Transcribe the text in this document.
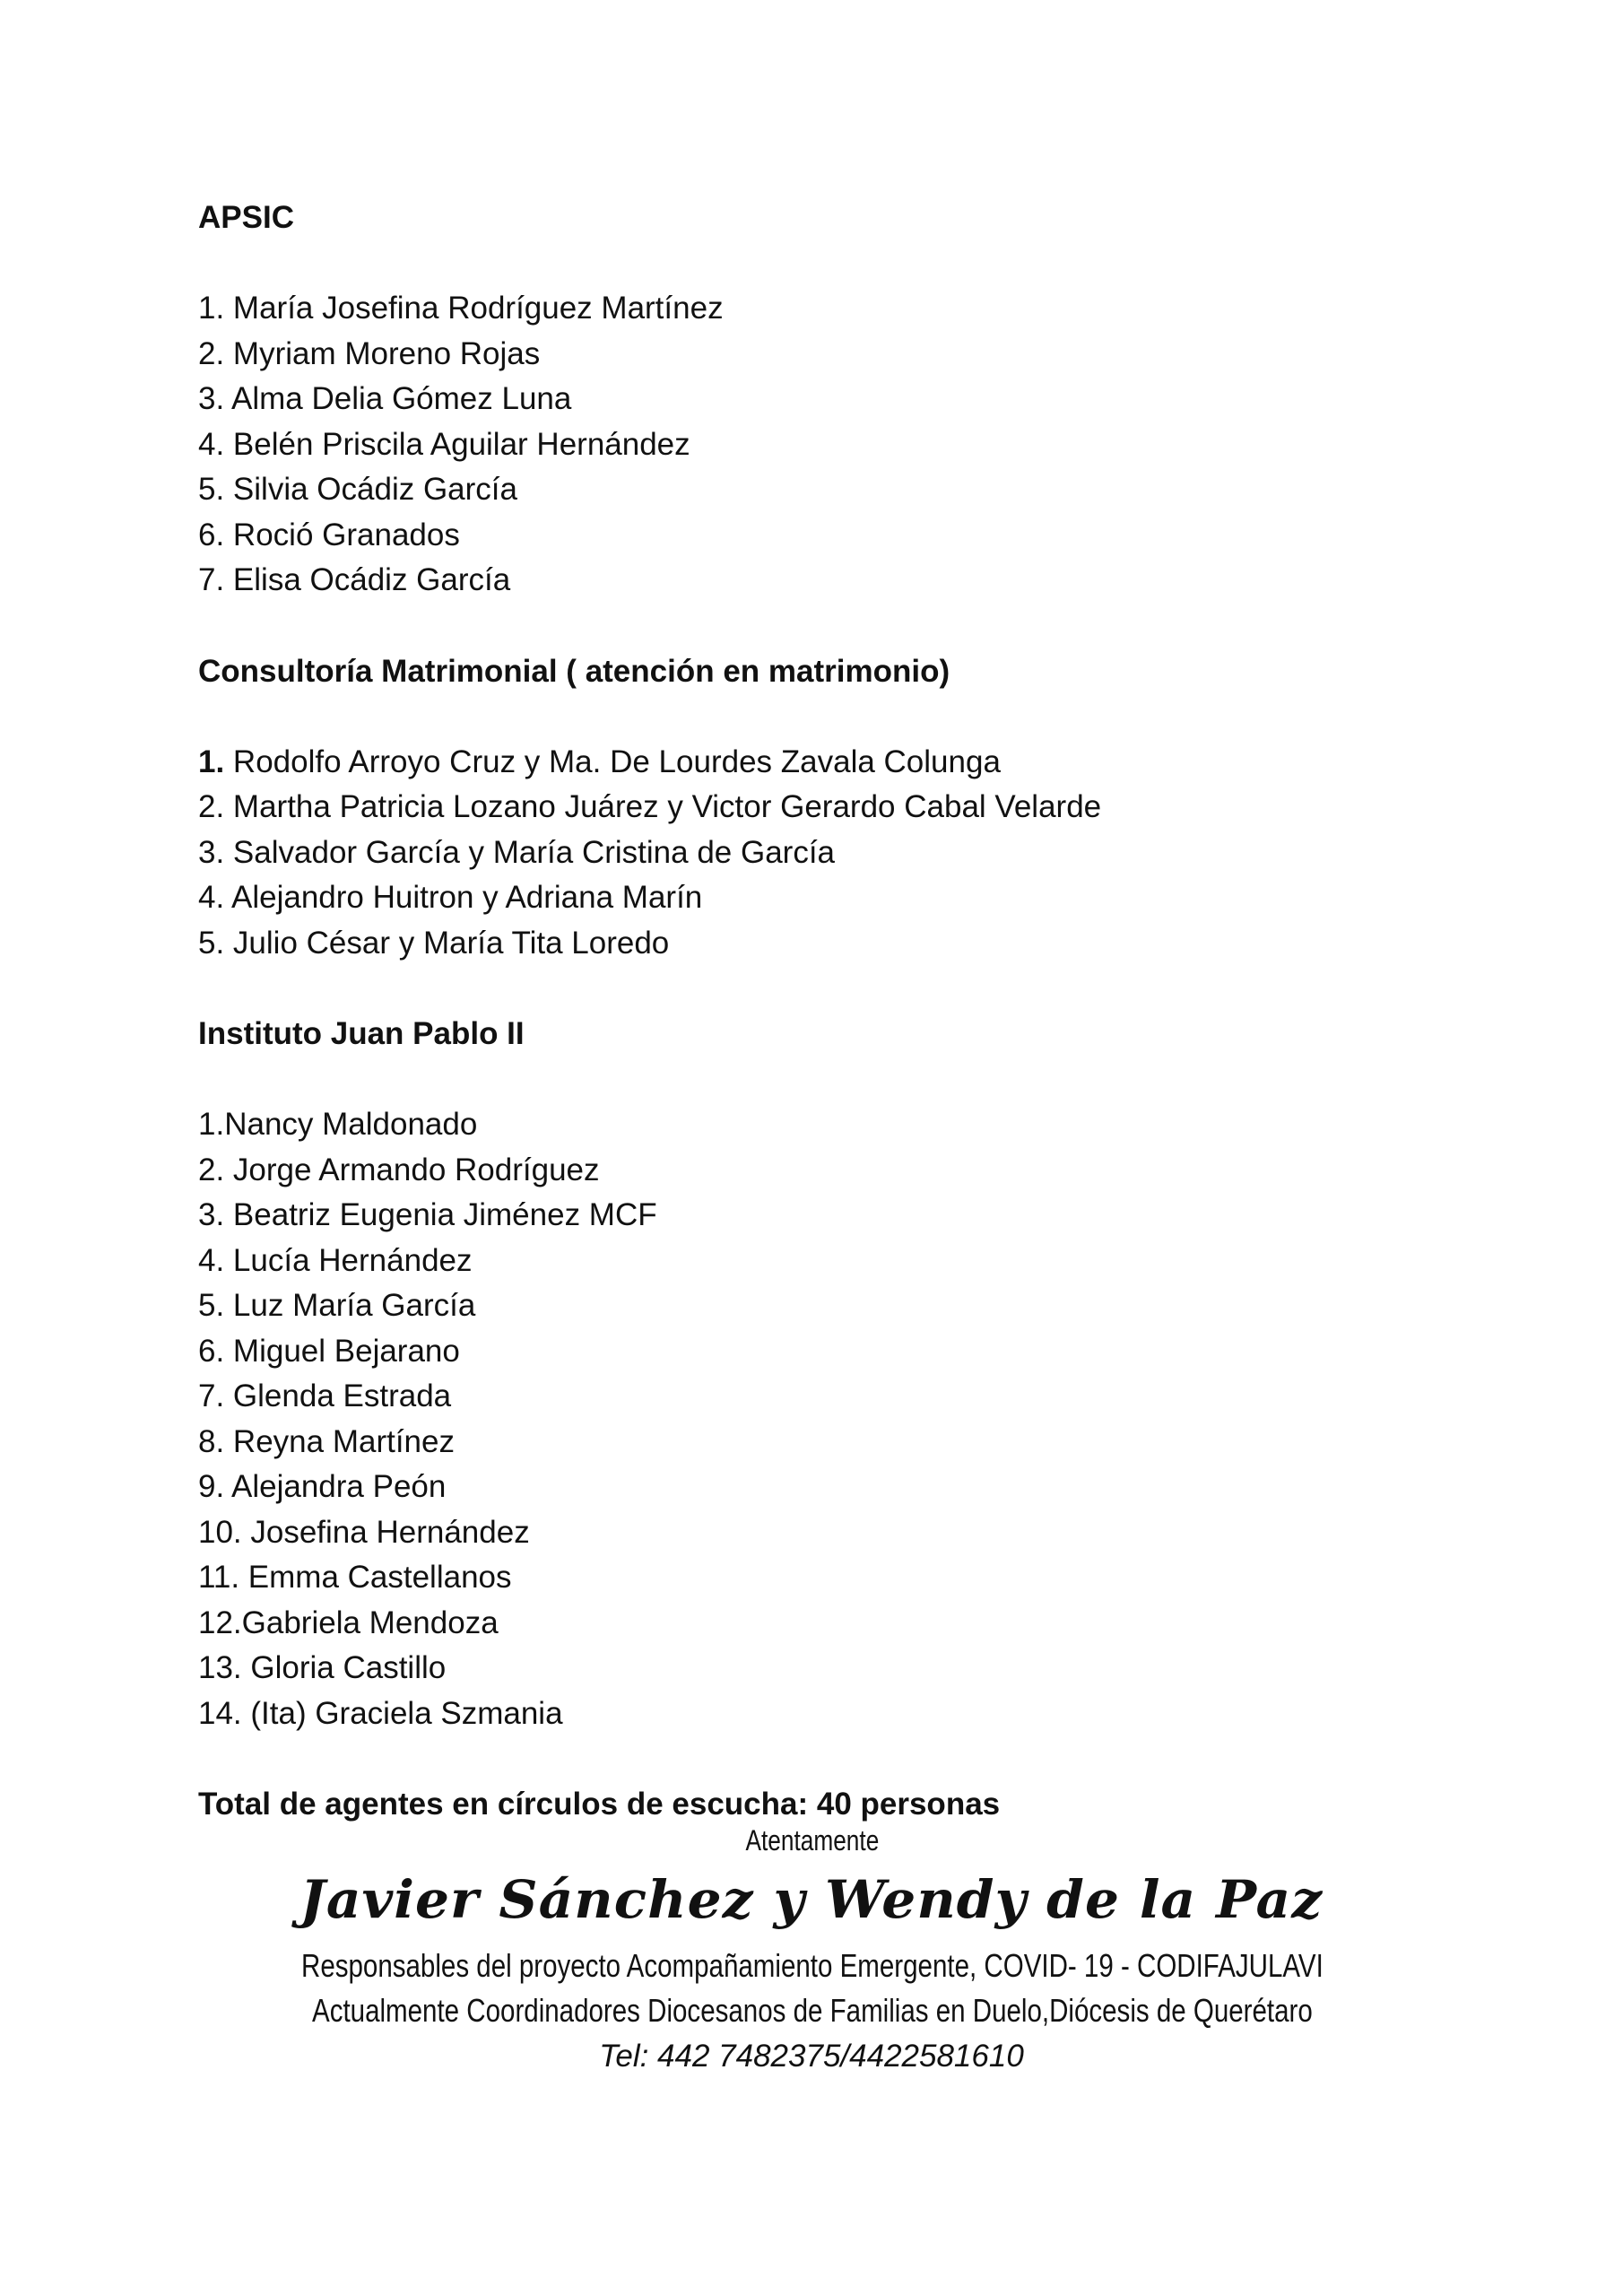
APSIC
1. María Josefina Rodríguez Martínez
2. Myriam Moreno Rojas
3. Alma Delia Gómez Luna
4. Belén Priscila Aguilar Hernández
5. Silvia Ocádiz García
6. Roció Granados
7. Elisa Ocádiz García
Consultoría Matrimonial ( atención en matrimonio)
1. Rodolfo Arroyo Cruz y Ma. De Lourdes Zavala Colunga
2. Martha Patricia Lozano Juárez y Victor Gerardo Cabal Velarde
3. Salvador García y María Cristina de García
4. Alejandro Huitron y Adriana Marín
5. Julio César y María Tita Loredo
Instituto Juan Pablo II
1.Nancy Maldonado
2. Jorge Armando Rodríguez
3. Beatriz Eugenia Jiménez MCF
4. Lucía Hernández
5. Luz María García
6. Miguel Bejarano
7. Glenda Estrada
8. Reyna Martínez
9. Alejandra Peón
10. Josefina Hernández
11. Emma Castellanos
12.Gabriela Mendoza
13. Gloria Castillo
14. (Ita) Graciela Szmania
Total de agentes en círculos de escucha: 40 personas
Atentamente
Javier Sánchez y Wendy de la Paz
Responsables del proyecto Acompañamiento Emergente, COVID- 19 - CODIFAJULAVI
Actualmente Coordinadores Diocesanos de Familias en Duelo,Diócesis de Querétaro
Tel: 442 7482375/4422581610
